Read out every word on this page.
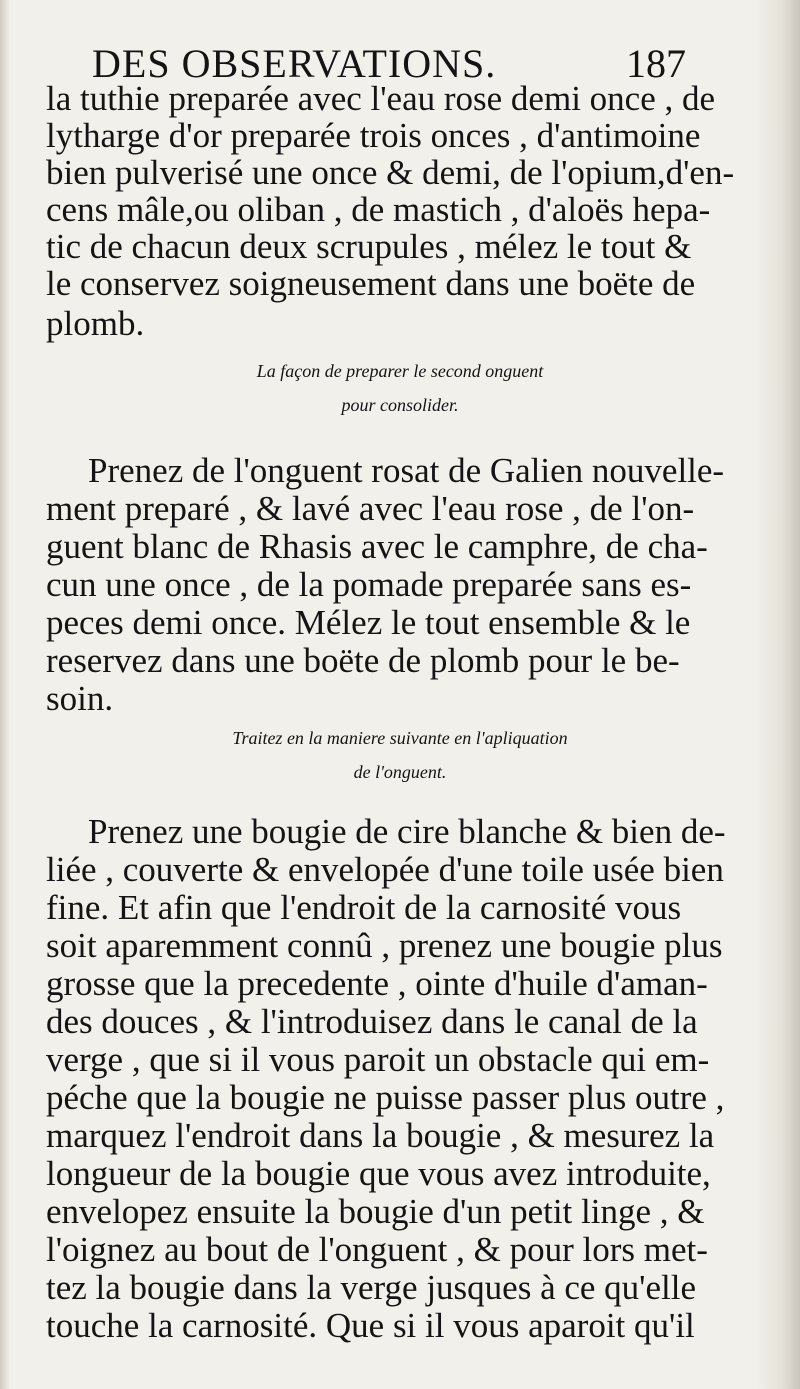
DES OBSERVATIONS.	187
la tuthie preparée avec l'eau rose demi once , de
lytharge d'or preparée trois onces , d'antimoine
bien pulverisé une once & demi, de l'opium,d'en-
cens mâle,ou oliban , de mastich , d'aloës hepa-
tic de chacun deux scrupules , mélez le tout &
le conservez soigneusement dans une boëte de
plomb.
La façon de preparer le second onguent
pour consolider.
Prenez de l'onguent rosat de Galien nouvelle-
ment preparé , & lavé avec l'eau rose , de l'on-
guent blanc de Rhasis avec le camphre, de cha-
cun une once , de la pomade preparée sans es-
peces demi once. Mélez le tout ensemble & le
reservez dans une boëte de plomb pour le be-
soin.
Traitez en la maniere suivante en l'apliquation
de l'onguent.
Prenez une bougie de cire blanche & bien de-
liée , couverte & envelopée d'une toile usée bien
fine. Et afin que l'endroit de la carnosité vous
soit aparemment connû , prenez une bougie plus
grosse que la precedente , ointe d'huile d'aman-
des douces , & l'introduisez dans le canal de la
verge , que si il vous paroit un obstacle qui em-
péche que la bougie ne puisse passer plus outre ,
marquez l'endroit dans la bougie , & mesurez la
longueur de la bougie que vous avez introduite,
envelopez ensuite la bougie d'un petit linge , &
l'oignez au bout de l'onguent , & pour lors met-
tez la bougie dans la verge jusques à ce qu'elle
touche la carnosité. Que si il vous aparoit qu'il
